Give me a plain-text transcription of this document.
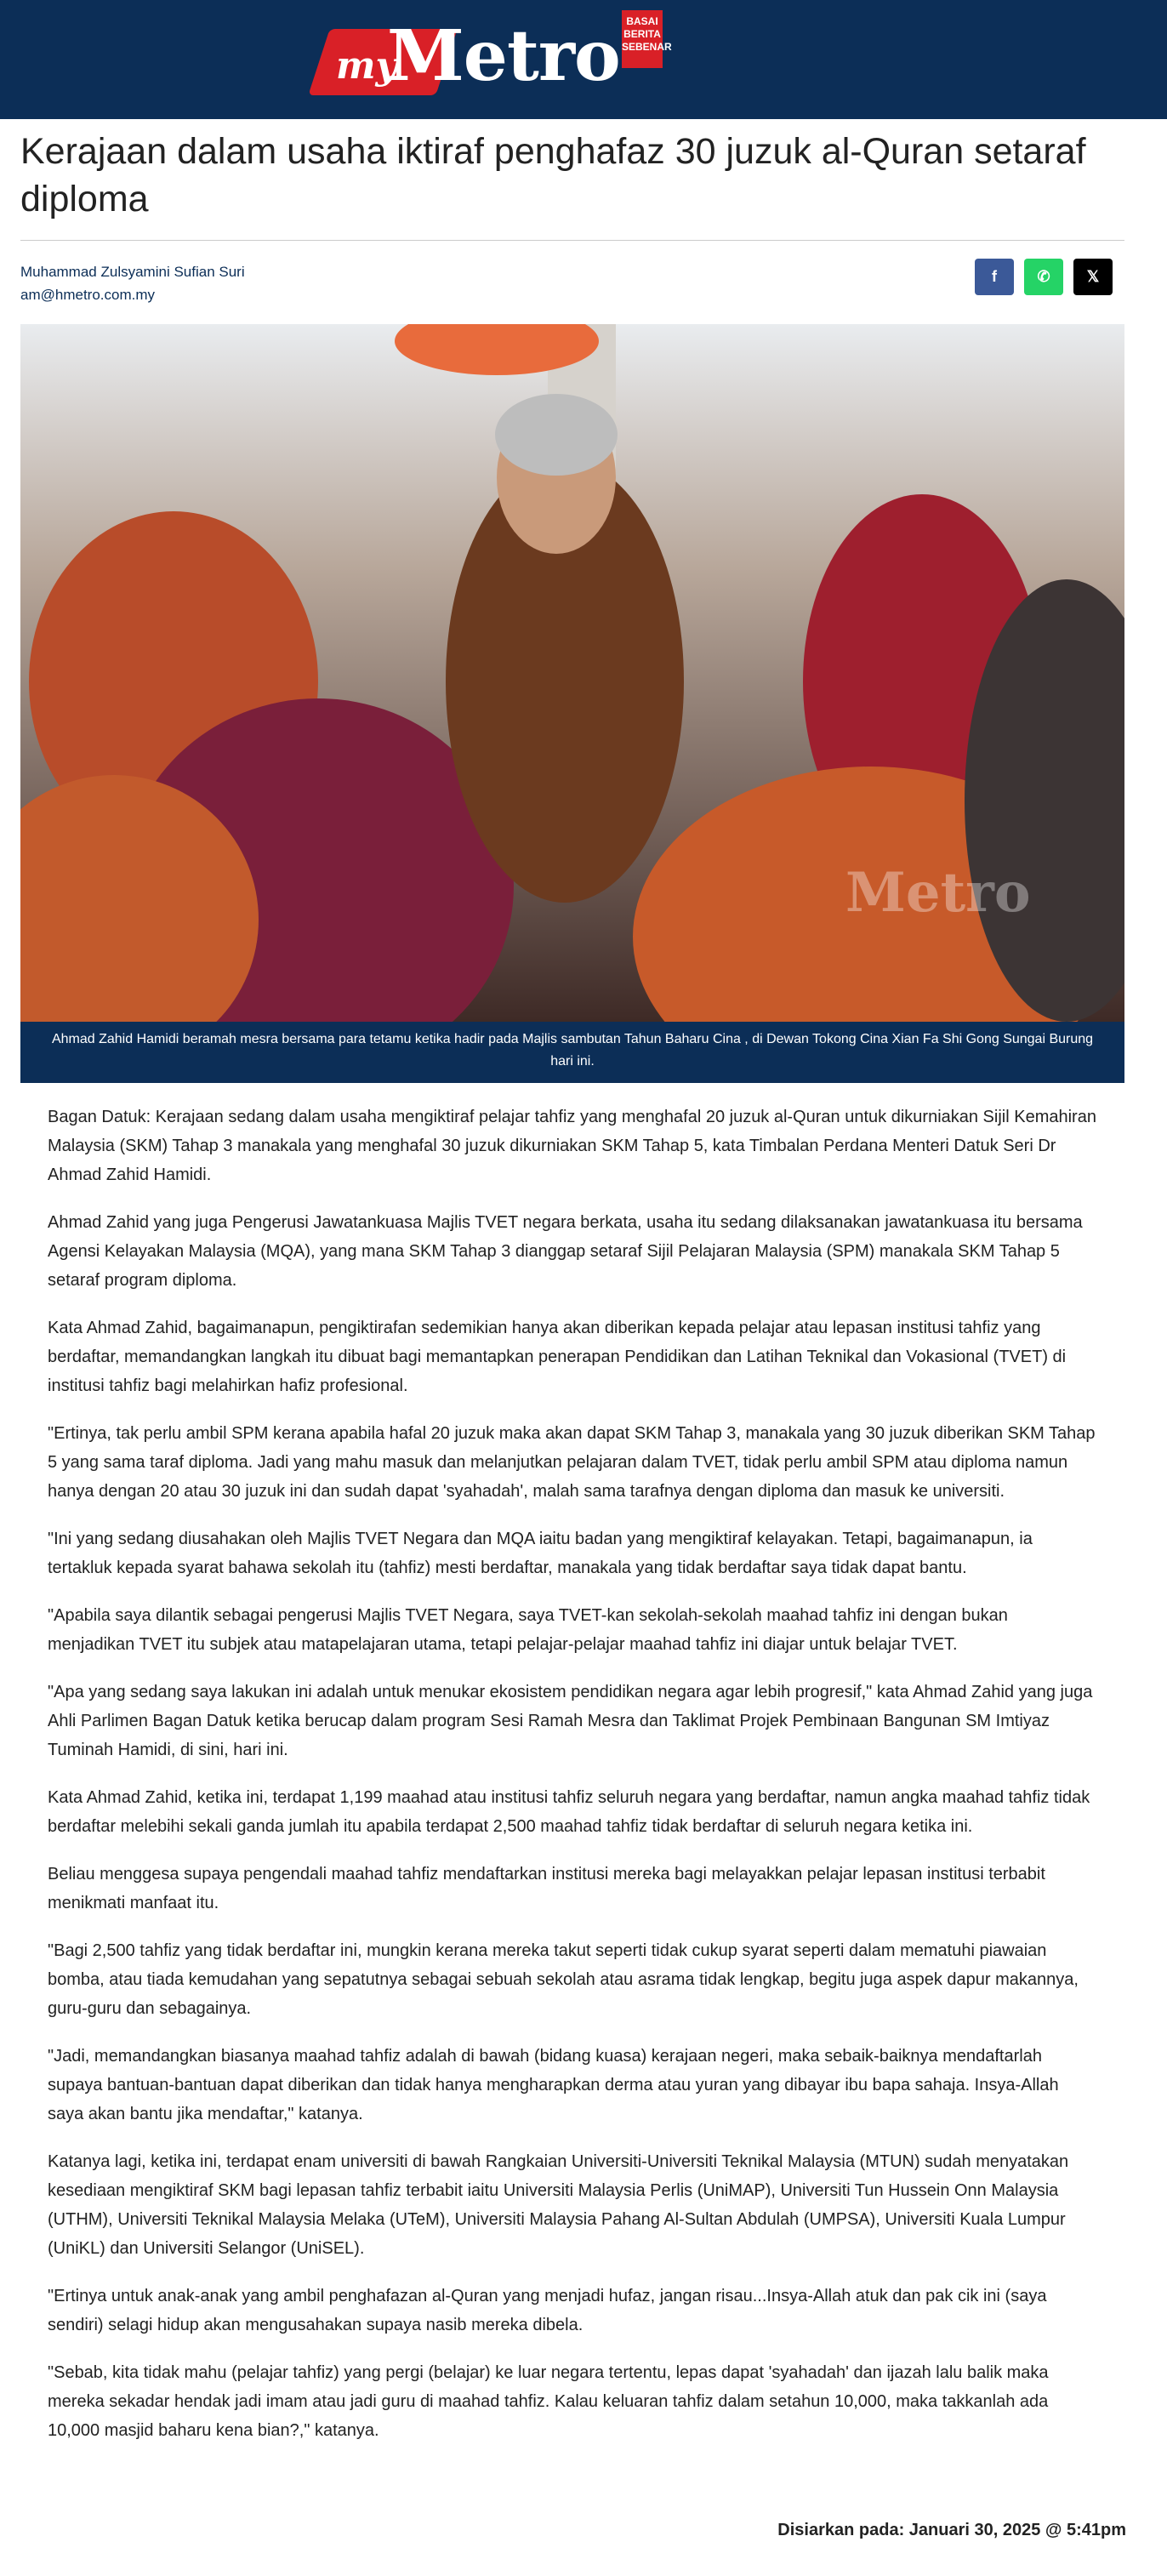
my
Metro BASAI
BERITA
SEBENAR
Kerajaan dalam usaha iktiraf penghafaz 30 juzuk al-Quran setaraf diploma
Muhammad Zulsyamini Sufian Suri
am@hmetro.com.my
f	✆ 𝕏
Metro
Ahmad Zahid Hamidi beramah mesra bersama para tetamu ketika hadir pada Majlis sambutan Tahun Baharu Cina , di Dewan Tokong Cina Xian Fa Shi Gong Sungai Burung hari ini.

Bagan Datuk: Kerajaan sedang dalam usaha mengiktiraf pelajar tahfiz yang menghafal 20 juzuk al-Quran untuk dikurniakan Sijil Kemahiran Malaysia (SKM) Tahap 3 manakala yang menghafal 30 juzuk dikurniakan SKM Tahap 5, kata Timbalan Perdana Menteri Datuk Seri Dr Ahmad Zahid Hamidi.

Ahmad Zahid yang juga Pengerusi Jawatankuasa Majlis TVET negara berkata, usaha itu sedang dilaksanakan jawatankuasa itu bersama Agensi Kelayakan Malaysia (MQA), yang mana SKM Tahap 3 dianggap setaraf Sijil Pelajaran Malaysia (SPM) manakala SKM Tahap 5 setaraf program diploma.

Kata Ahmad Zahid, bagaimanapun, pengiktirafan sedemikian hanya akan diberikan kepada pelajar atau lepasan institusi tahfiz yang berdaftar, memandangkan langkah itu dibuat bagi memantapkan penerapan Pendidikan dan Latihan Teknikal dan Vokasional (TVET) di institusi tahfiz bagi melahirkan hafiz profesional.

"Ertinya, tak perlu ambil SPM kerana apabila hafal 20 juzuk maka akan dapat SKM Tahap 3, manakala yang 30 juzuk diberikan SKM Tahap 5 yang sama taraf diploma. Jadi yang mahu masuk dan melanjutkan pelajaran dalam TVET, tidak perlu ambil SPM atau diploma namun hanya dengan 20 atau 30 juzuk ini dan sudah dapat 'syahadah', malah sama tarafnya dengan diploma dan masuk ke universiti.

"Ini yang sedang diusahakan oleh Majlis TVET Negara dan MQA iaitu badan yang mengiktiraf kelayakan. Tetapi, bagaimanapun, ia tertakluk kepada syarat bahawa sekolah itu (tahfiz) mesti berdaftar, manakala yang tidak berdaftar saya tidak dapat bantu.

"Apabila saya dilantik sebagai pengerusi Majlis TVET Negara, saya TVET-kan sekolah-sekolah maahad tahfiz ini dengan bukan menjadikan TVET itu subjek atau matapelajaran utama, tetapi pelajar-pelajar maahad tahfiz ini diajar untuk belajar TVET.

"Apa yang sedang saya lakukan ini adalah untuk menukar ekosistem pendidikan negara agar lebih progresif," kata Ahmad Zahid yang juga Ahli Parlimen Bagan Datuk ketika berucap dalam program Sesi Ramah Mesra dan Taklimat Projek Pembinaan Bangunan SM Imtiyaz Tuminah Hamidi, di sini, hari ini.

Kata Ahmad Zahid, ketika ini, terdapat 1,199 maahad atau institusi tahfiz seluruh negara yang berdaftar, namun angka maahad tahfiz tidak berdaftar melebihi sekali ganda jumlah itu apabila terdapat 2,500 maahad tahfiz tidak berdaftar di seluruh negara ketika ini.

Beliau menggesa supaya pengendali maahad tahfiz mendaftarkan institusi mereka bagi melayakkan pelajar lepasan institusi terbabit menikmati manfaat itu.

"Bagi 2,500 tahfiz yang tidak berdaftar ini, mungkin kerana mereka takut seperti tidak cukup syarat seperti dalam mematuhi piawaian bomba, atau tiada kemudahan yang sepatutnya sebagai sebuah sekolah atau asrama tidak lengkap, begitu juga aspek dapur makannya, guru-guru dan sebagainya.

"Jadi, memandangkan biasanya maahad tahfiz adalah di bawah (bidang kuasa) kerajaan negeri, maka sebaik-baiknya mendaftarlah supaya bantuan-bantuan dapat diberikan dan tidak hanya mengharapkan derma atau yuran yang dibayar ibu bapa sahaja. Insya-Allah saya akan bantu jika mendaftar," katanya.

Katanya lagi, ketika ini, terdapat enam universiti di bawah Rangkaian Universiti-Universiti Teknikal Malaysia (MTUN) sudah menyatakan kesediaan mengiktiraf SKM bagi lepasan tahfiz terbabit iaitu Universiti Malaysia Perlis (UniMAP), Universiti Tun Hussein Onn Malaysia (UTHM), Universiti Teknikal Malaysia Melaka (UTeM), Universiti Malaysia Pahang Al-Sultan Abdulah (UMPSA), Universiti Kuala Lumpur (UniKL) dan Universiti Selangor (UniSEL).

"Ertinya untuk anak-anak yang ambil penghafazan al-Quran yang menjadi hufaz, jangan risau...Insya-Allah atuk dan pak cik ini (saya sendiri) selagi hidup akan mengusahakan supaya nasib mereka dibela.

"Sebab, kita tidak mahu (pelajar tahfiz) yang pergi (belajar) ke luar negara tertentu, lepas dapat 'syahadah' dan ijazah lalu balik maka mereka sekadar hendak jadi imam atau jadi guru di maahad tahfiz. Kalau keluaran tahfiz dalam setahun 10,000, maka takkanlah ada 10,000 masjid baharu kena bian?," katanya.

Disiarkan pada: Januari 30, 2025 @ 5:41pm
